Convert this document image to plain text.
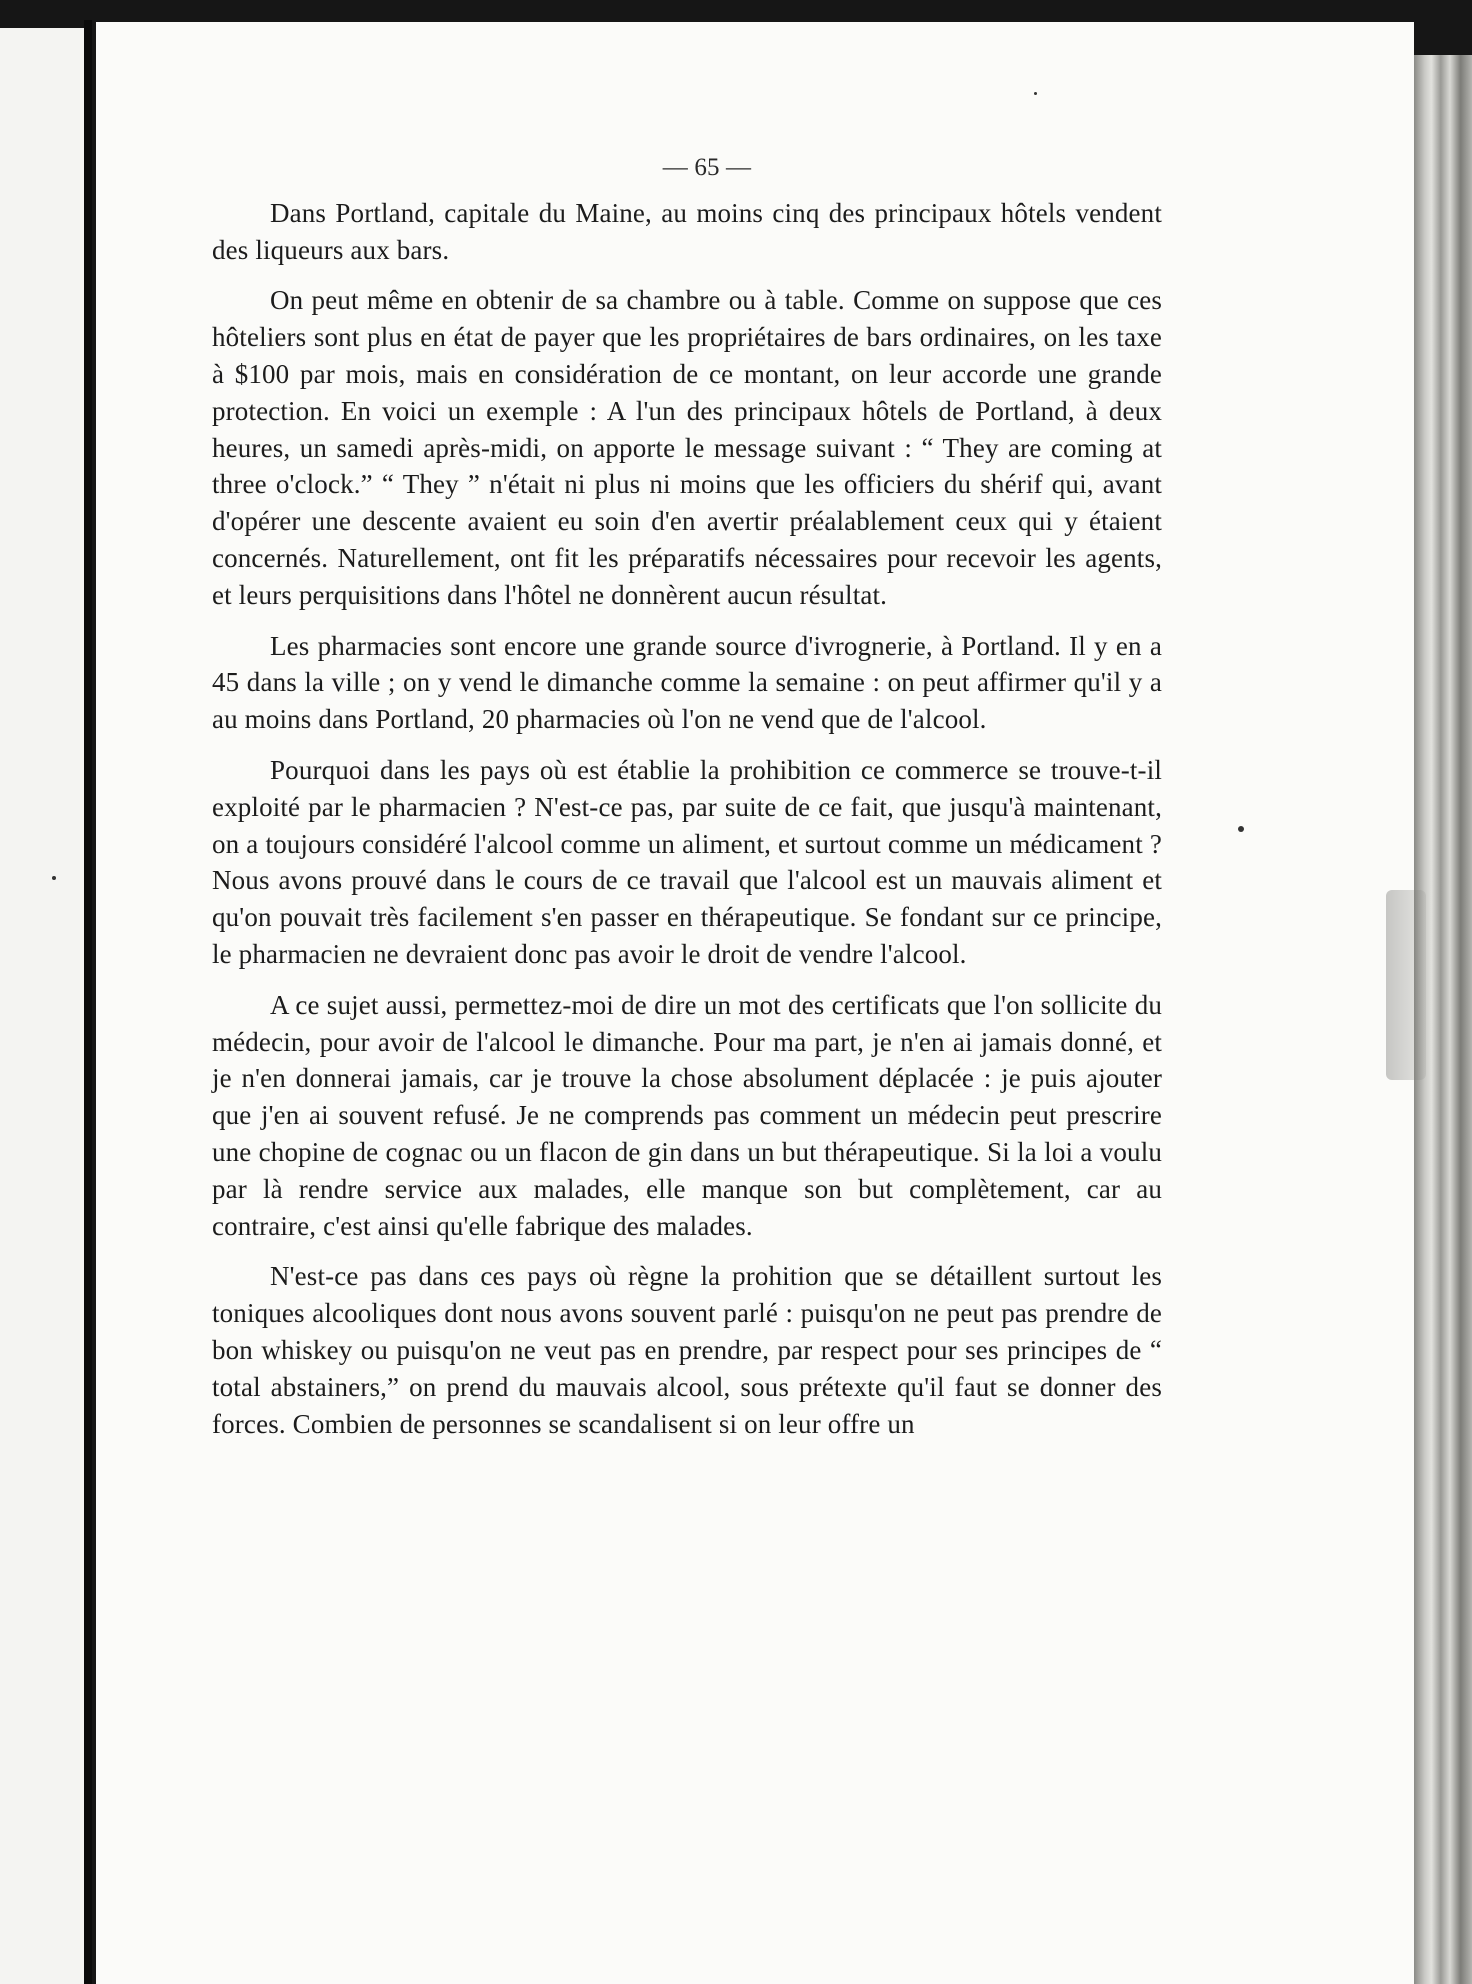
— 65 —

Dans Portland, capitale du Maine, au moins cinq des principaux hôtels vendent des liqueurs aux bars.

On peut même en obtenir de sa chambre ou à table. Comme on suppose que ces hôteliers sont plus en état de payer que les propriétaires de bars ordinaires, on les taxe à $100 par mois, mais en considération de ce montant, on leur accorde une grande protection. En voici un exemple : A l'un des principaux hôtels de Portland, à deux heures, un samedi après-midi, on apporte le message suivant : “ They are coming at three o'clock.” “ They ” n'était ni plus ni moins que les officiers du shérif qui, avant d'opérer une descente avaient eu soin d'en avertir préalablement ceux qui y étaient concernés. Naturellement, ont fit les préparatifs nécessaires pour recevoir les agents, et leurs perquisitions dans l'hôtel ne donnèrent aucun résultat.

Les pharmacies sont encore une grande source d'ivrognerie, à Portland. Il y en a 45 dans la ville ; on y vend le dimanche comme la semaine : on peut affirmer qu'il y a au moins dans Portland, 20 pharmacies où l'on ne vend que de l'alcool.

Pourquoi dans les pays où est établie la prohibition ce commerce se trouve-t-il exploité par le pharmacien ? N'est-ce pas, par suite de ce fait, que jusqu'à maintenant, on a toujours considéré l'alcool comme un aliment, et surtout comme un médicament ? Nous avons prouvé dans le cours de ce travail que l'alcool est un mauvais aliment et qu'on pouvait très facilement s'en passer en thérapeutique. Se fondant sur ce principe, le pharmacien ne devraient donc pas avoir le droit de vendre l'alcool.

A ce sujet aussi, permettez-moi de dire un mot des certificats que l'on sollicite du médecin, pour avoir de l'alcool le dimanche. Pour ma part, je n'en ai jamais donné, et je n'en donnerai jamais, car je trouve la chose absolument déplacée : je puis ajouter que j'en ai souvent refusé. Je ne comprends pas comment un médecin peut prescrire une chopine de cognac ou un flacon de gin dans un but thérapeutique. Si la loi a voulu par là rendre service aux malades, elle manque son but complètement, car au contraire, c'est ainsi qu'elle fabrique des malades.

N'est-ce pas dans ces pays où règne la prohition que se détaillent surtout les toniques alcooliques dont nous avons souvent parlé : puisqu'on ne peut pas prendre de bon whiskey ou puisqu'on ne veut pas en prendre, par respect pour ses principes de “ total abstainers,” on prend du mauvais alcool, sous prétexte qu'il faut se donner des forces. Combien de personnes se scandalisent si on leur offre un
